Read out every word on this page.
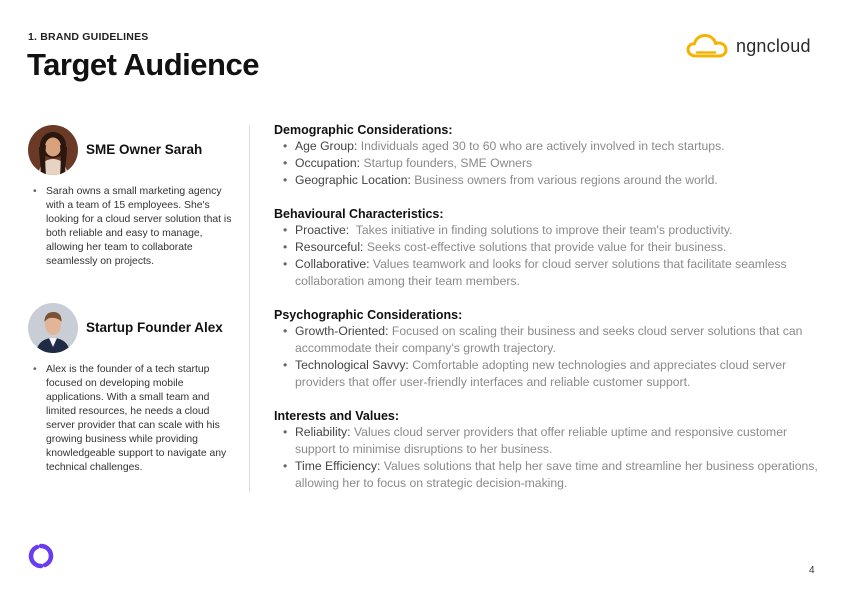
1. BRAND GUIDELINES
Target Audience
ngncloud
SME Owner Sarah
• Sarah owns a small marketing agency with a team of 15 employees. She's looking for a cloud server solution that is both reliable and easy to manage, allowing her team to collaborate seamlessly on projects.
Startup Founder Alex
• Alex is the founder of a tech startup focused on developing mobile applications. With a small team and limited resources, he needs a cloud server provider that can scale with his growing business while providing knowledgeable support to navigate any technical challenges.
Demographic Considerations:
• Age Group: Individuals aged 30 to 60 who are actively involved in tech startups.
• Occupation: Startup founders, SME Owners
• Geographic Location: Business owners from various regions around the world.
Behavioural Characteristics:
• Proactive: Takes initiative in finding solutions to improve their team's productivity.
• Resourceful: Seeks cost-effective solutions that provide value for their business.
• Collaborative: Values teamwork and looks for cloud server solutions that facilitate seamless collaboration among their team members.
Psychographic Considerations:
• Growth-Oriented: Focused on scaling their business and seeks cloud server solutions that can accommodate their company's growth trajectory.
• Technological Savvy: Comfortable adopting new technologies and appreciates cloud server providers that offer user-friendly interfaces and reliable customer support.
Interests and Values:
• Reliability: Values cloud server providers that offer reliable uptime and responsive customer support to minimise disruptions to her business.
• Time Efficiency: Values solutions that help her save time and streamline her business operations, allowing her to focus on strategic decision-making.
4
